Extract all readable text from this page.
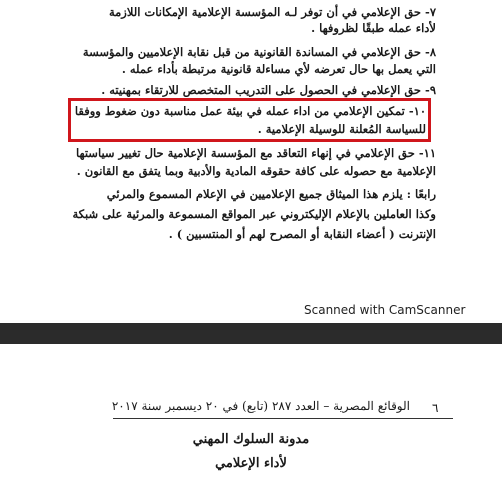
٧- حق الإعلامي في أن توفر لـه المؤسسة الإعلامية الإمكانات اللازمة
لأداء عمله طبقًا لظروفها .
٨- حق الإعلامي في المساندة القانونية من قبل نقابة الإعلاميين والمؤسسة
التي يعمل بها حال تعرضه لأي مساءلة قانونية مرتبطة بأداء عمله .
٩- حق الإعلامي في الحصول على التدريب المتخصص للارتقاء بمهنيته .
١٠- تمكين الإعلامي من اداء عمله في بيئة عمل مناسبة دون ضغوط ووفقا
للسياسة المُعلنة للوسيلة الإعلامية .
١١- حق الإعلامي في إنهاء التعاقد مع المؤسسة الإعلامية حال تغيير سياستها
الإعلامية مع حصوله على كافة حقوقه المادية والأدبية وبما يتفق مع القانون .
رابعًا : يلزم هذا الميثاق جميع الإعلاميين في الإعلام المسموع والمرئي
وكذا العاملين بالإعلام الإليكتروني عبر المواقع المسموعة والمرئية على شبكة
الإنترنت ( أعضاء النقابة أو المصرح لهم أو المنتسبين ) .
Scanned with CamScanner
٦
الوقائع المصرية – العدد ٢٨٧ (تابع) في ٢٠ ديسمبر سنة ٢٠١٧
مدونة السلوك المهني
لأداء الإعلامي
